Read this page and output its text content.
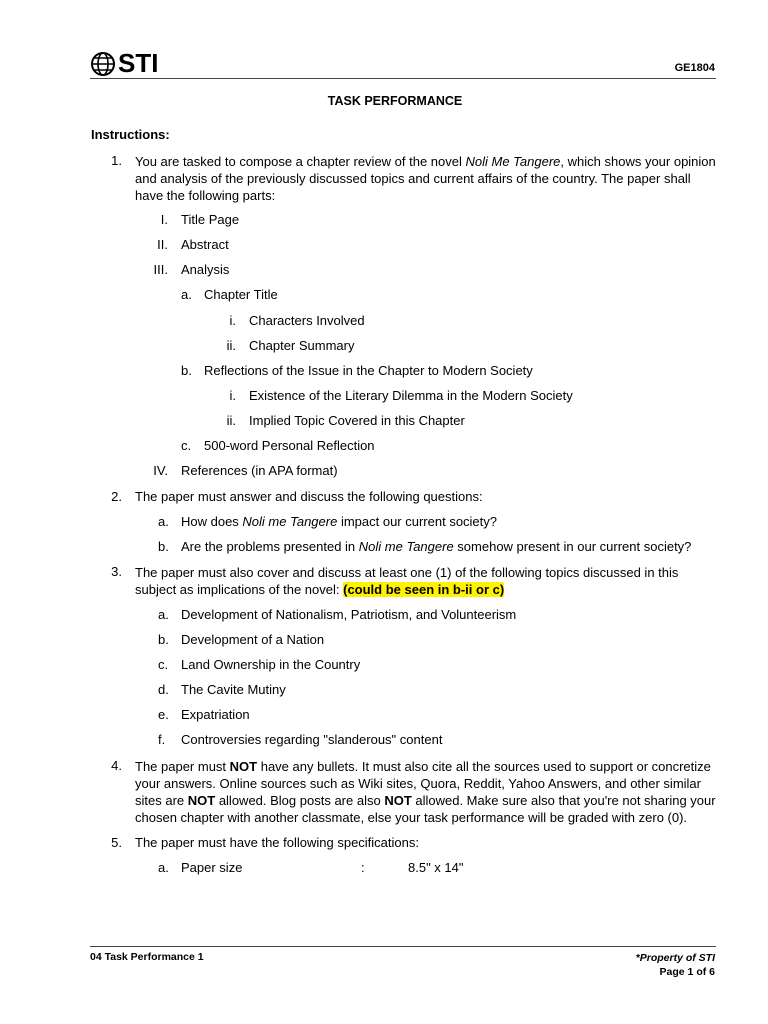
STI	GE1804
TASK PERFORMANCE
Instructions:
1. You are tasked to compose a chapter review of the novel Noli Me Tangere, which shows your opinion and analysis of the previously discussed topics and current affairs of the country. The paper shall have the following parts:
I. Title Page
II. Abstract
III. Analysis
a. Chapter Title
i. Characters Involved
ii. Chapter Summary
b. Reflections of the Issue in the Chapter to Modern Society
i. Existence of the Literary Dilemma in the Modern Society
ii. Implied Topic Covered in this Chapter
c. 500-word Personal Reflection
IV. References (in APA format)
2. The paper must answer and discuss the following questions:
a. How does Noli me Tangere impact our current society?
b. Are the problems presented in Noli me Tangere somehow present in our current society?
3. The paper must also cover and discuss at least one (1) of the following topics discussed in this subject as implications of the novel: (could be seen in b-ii or c)
a. Development of Nationalism, Patriotism, and Volunteerism
b. Development of a Nation
c. Land Ownership in the Country
d. The Cavite Mutiny
e. Expatriation
f. Controversies regarding "slanderous" content
4. The paper must NOT have any bullets. It must also cite all the sources used to support or concretize your answers. Online sources such as Wiki sites, Quora, Reddit, Yahoo Answers, and other similar sites are NOT allowed. Blog posts are also NOT allowed. Make sure also that you're not sharing your chosen chapter with another classmate, else your task performance will be graded with zero (0).
5. The paper must have the following specifications:
a. Paper size	:	8.5" x 14"
04 Task Performance 1	*Property of STI
Page 1 of 6
